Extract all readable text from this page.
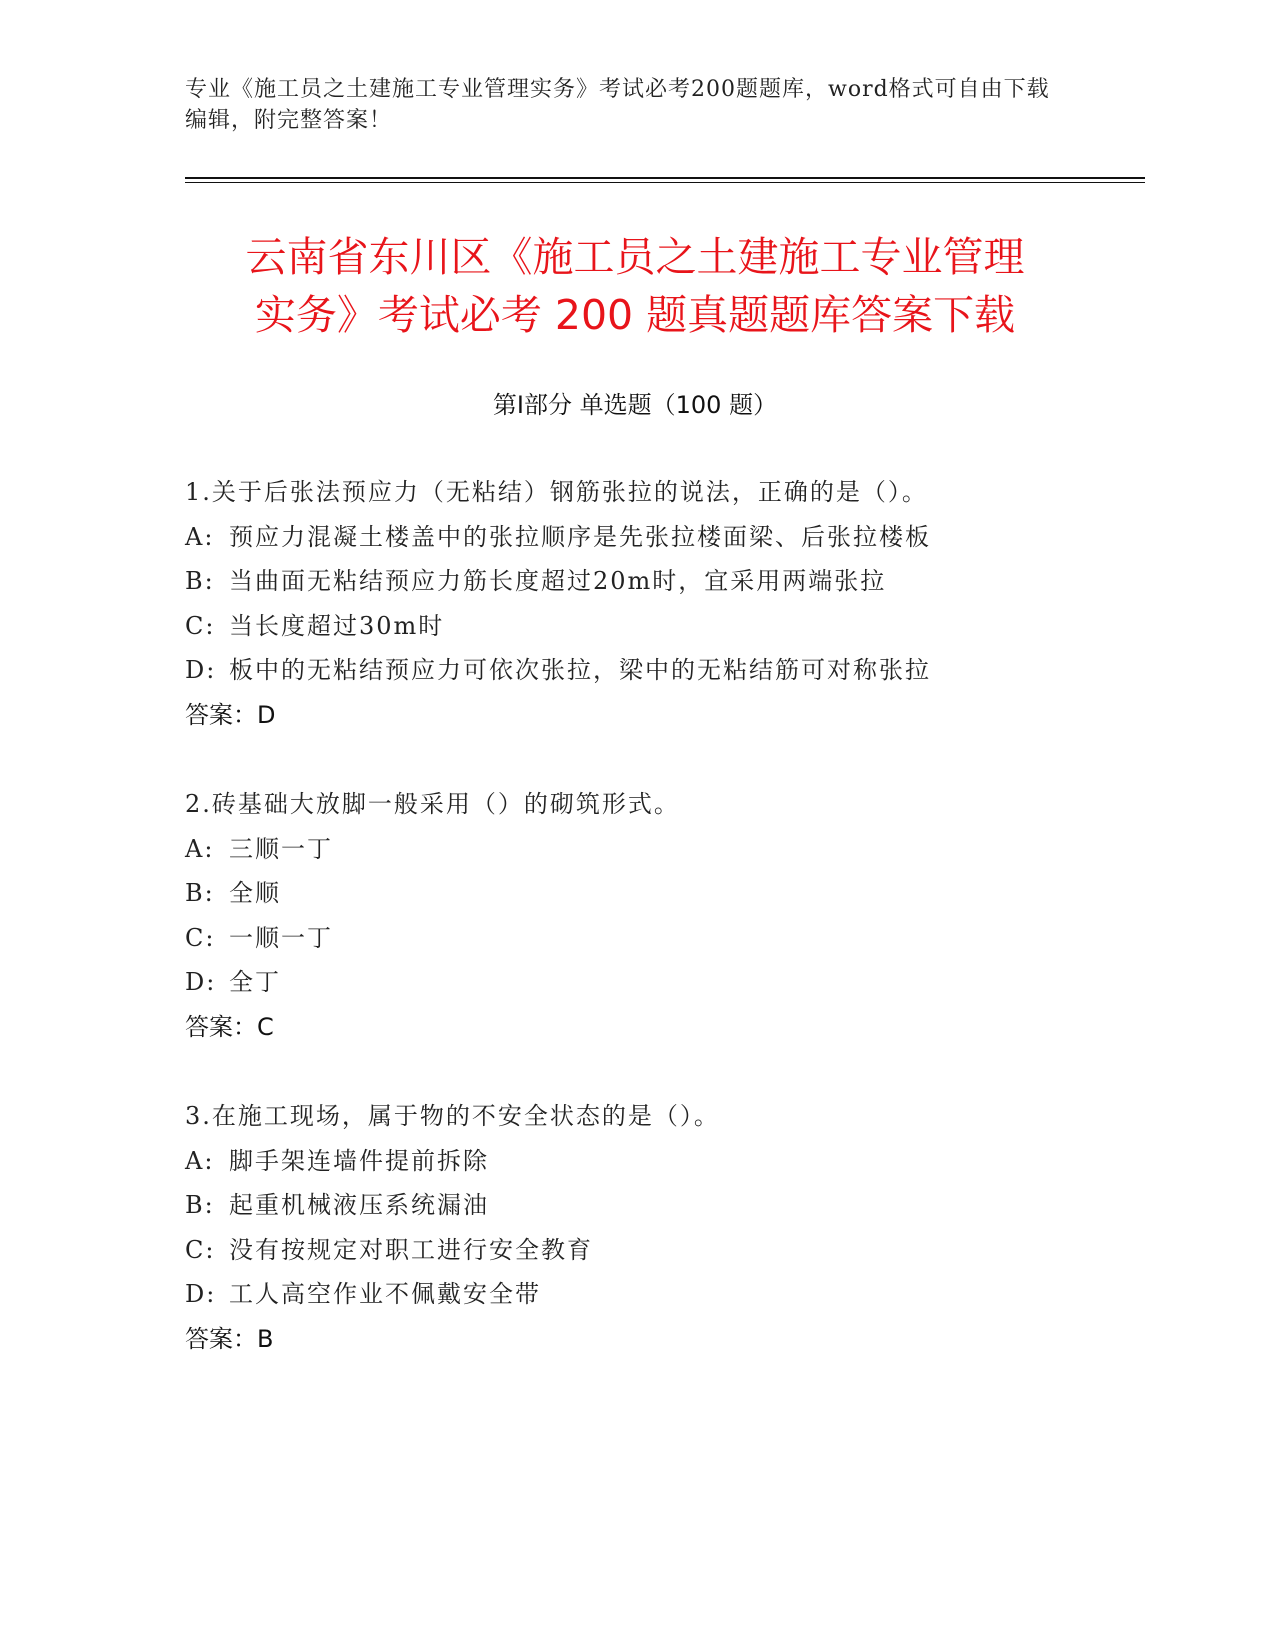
专业《施工员之土建施工专业管理实务》考试必考200题题库，word格式可自由下载编辑，附完整答案！
云南省东川区《施工员之土建施工专业管理
实务》考试必考 200 题真题题库答案下载
第Ⅰ部分 单选题（100 题）
1.关于后张法预应力（无粘结）钢筋张拉的说法，正确的是（）。
A: 预应力混凝土楼盖中的张拉顺序是先张拉楼面梁、后张拉楼板
B: 当曲面无粘结预应力筋长度超过20m时，宜采用两端张拉
C: 当长度超过30m时
D: 板中的无粘结预应力可依次张拉，梁中的无粘结筋可对称张拉
答案：D
2.砖基础大放脚一般采用（）的砌筑形式。
A: 三顺一丁
B: 全顺
C: 一顺一丁
D: 全丁
答案：C
3.在施工现场，属于物的不安全状态的是（）。
A: 脚手架连墙件提前拆除
B: 起重机械液压系统漏油
C: 没有按规定对职工进行安全教育
D: 工人高空作业不佩戴安全带
答案：B
